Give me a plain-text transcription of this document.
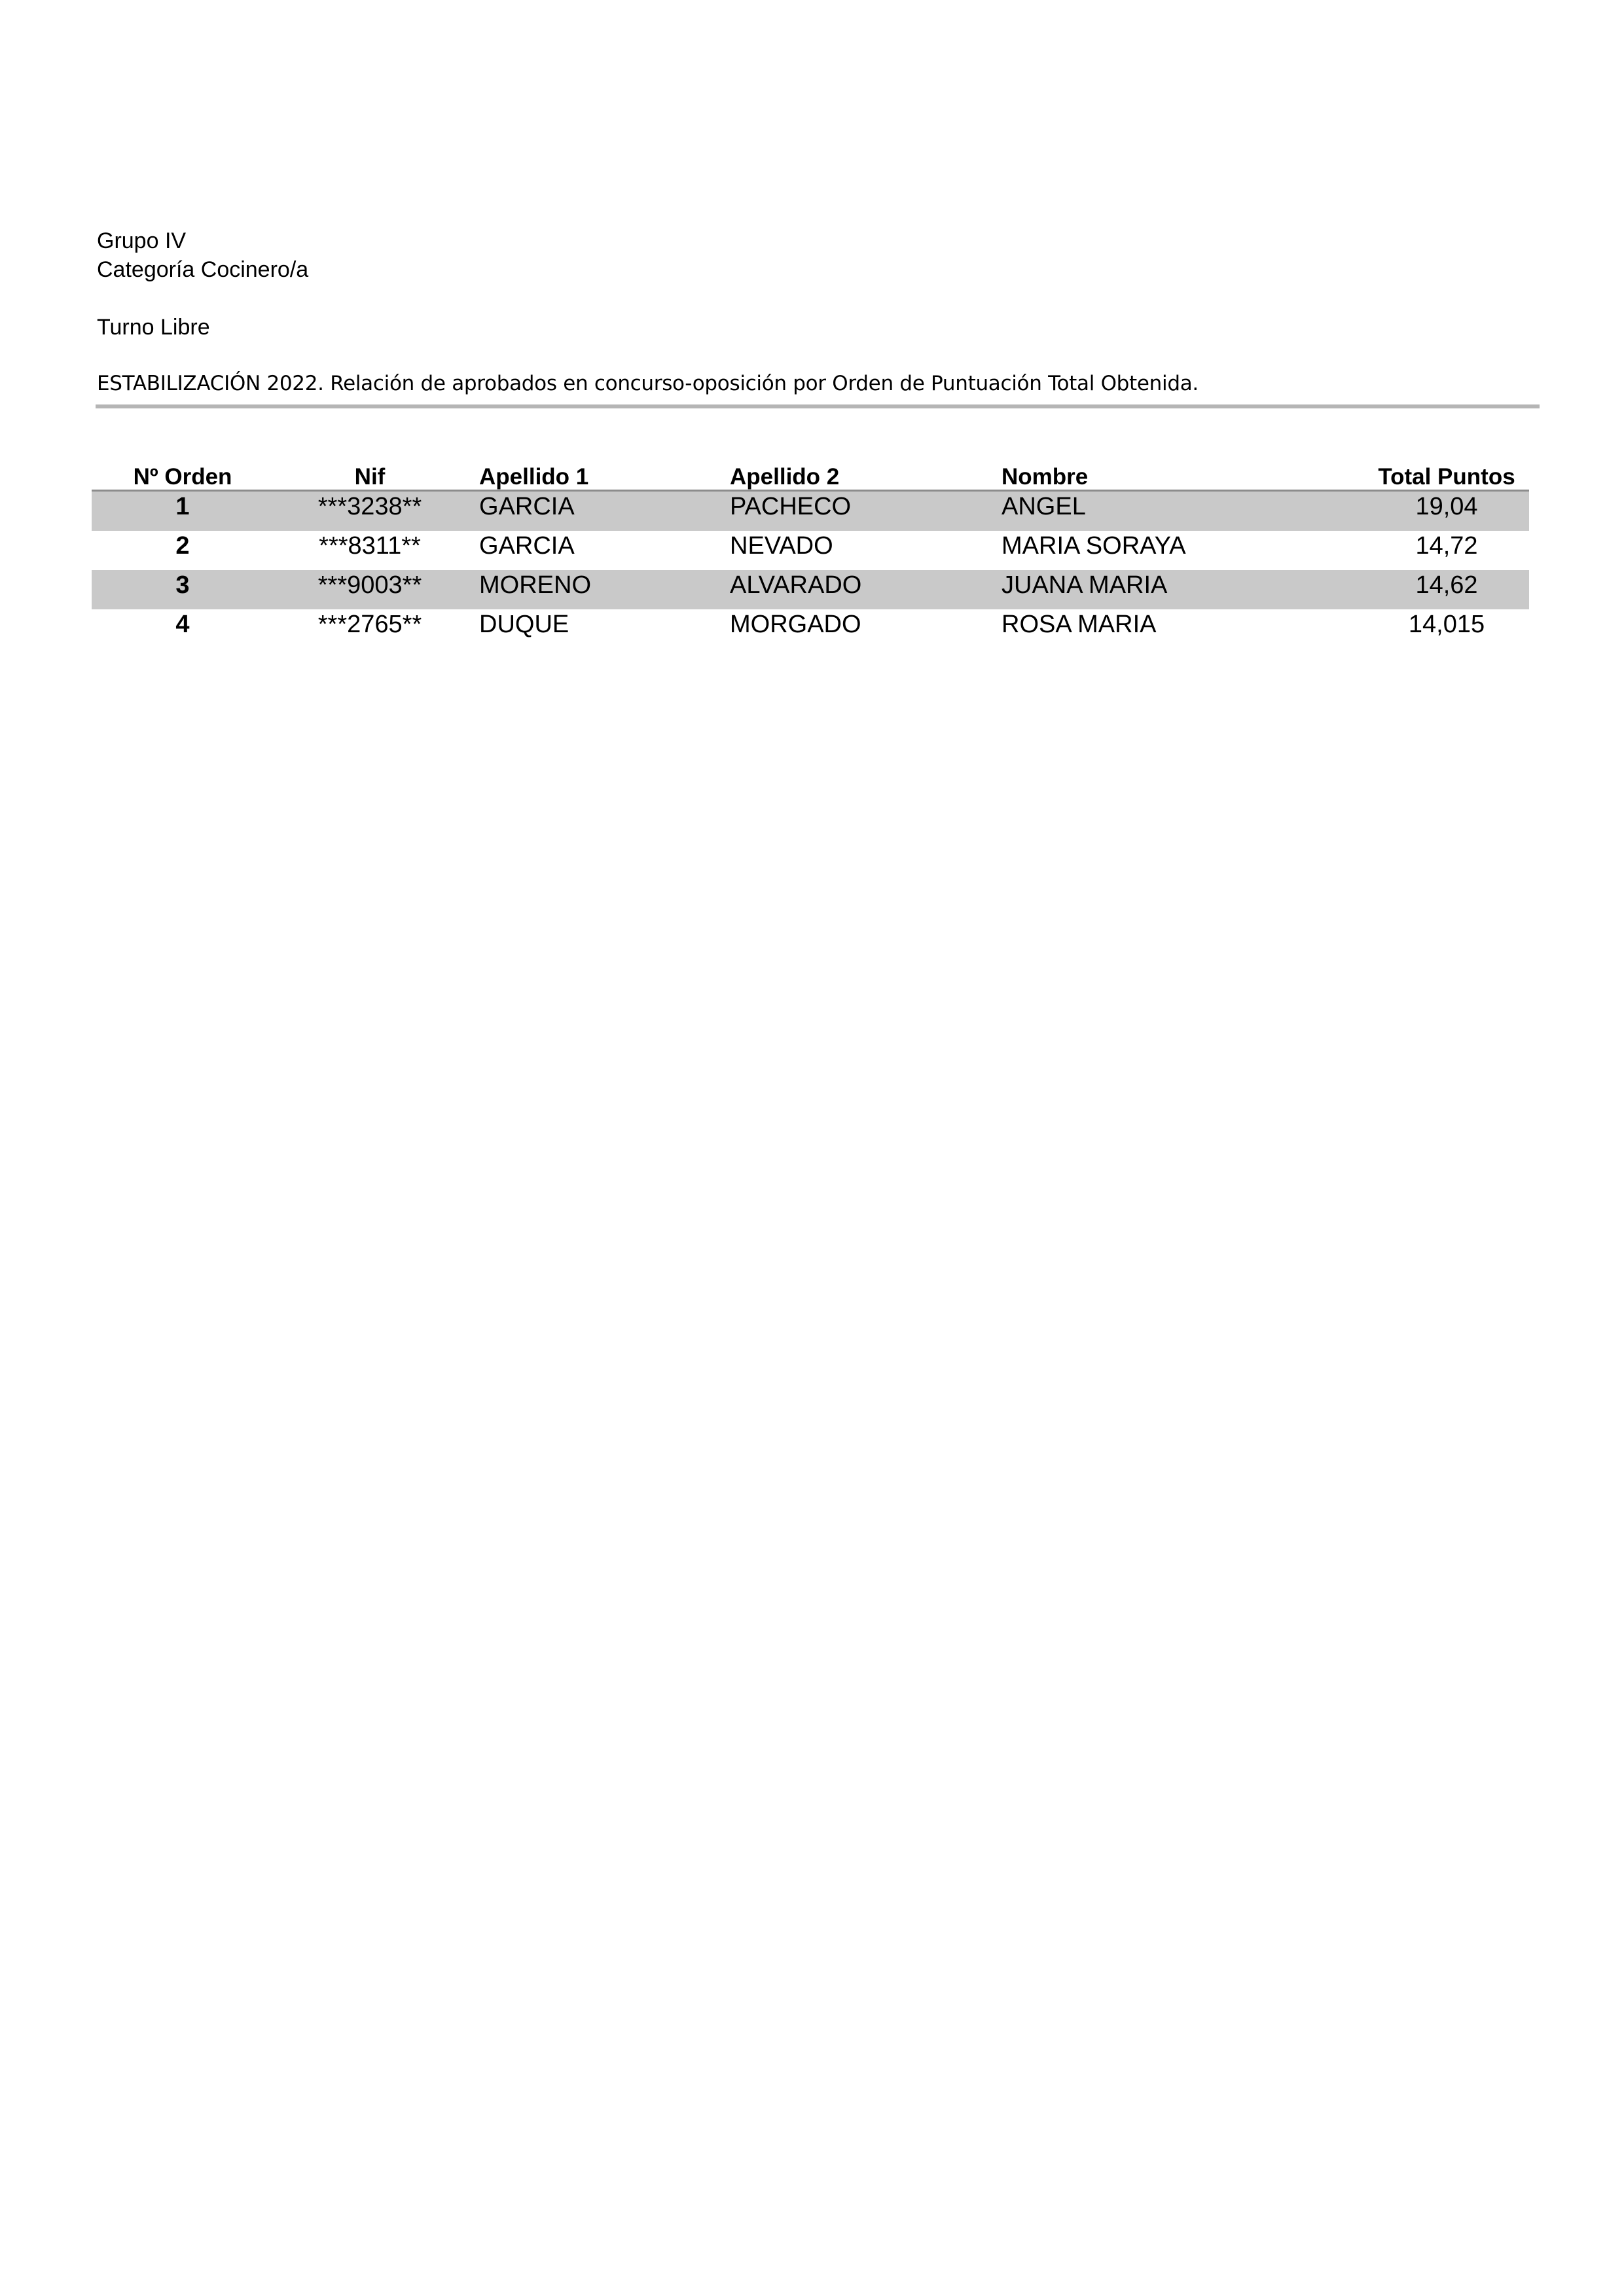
Grupo IV
Categoría Cocinero/a
Turno Libre
ESTABILIZACIÓN 2022. Relación de aprobados en concurso-oposición por Orden de Puntuación Total Obtenida.
Nº Orden	Nif	Apellido 1	Apellido 2	Nombre	Total Puntos
1	***3238**	GARCIA	PACHECO	ANGEL	19,04
2	***8311**	GARCIA	NEVADO	MARIA SORAYA	14,72
3	***9003**	MORENO	ALVARADO	JUANA MARIA	14,62
4	***2765**	DUQUE	MORGADO	ROSA MARIA	14,015
